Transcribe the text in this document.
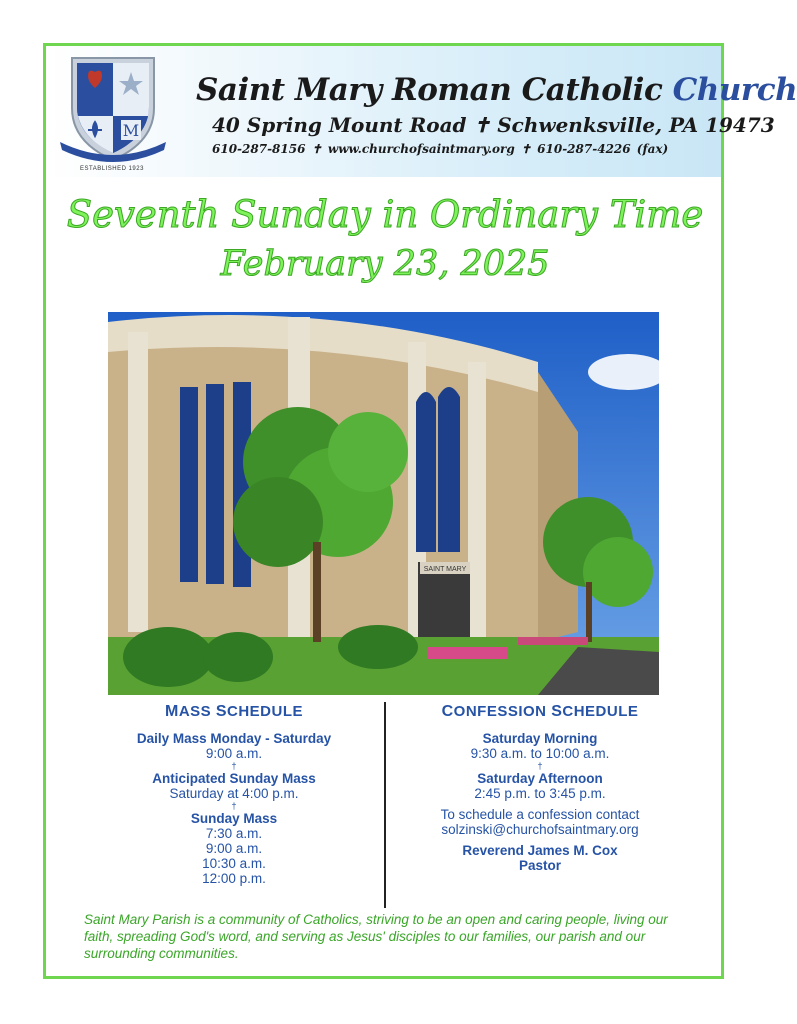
M
ESTABLISHED 1923
Saint Mary Roman Catholic Church
40 Spring Mount Road ✝ Schwenksville, PA 19473
610-287-8156 ✝ www.churchofsaintmary.org ✝ 610-287-4226 (fax)
Seventh Sunday in Ordinary Time
February 23, 2025
SAINT MARY
MASS SCHEDULE
Daily Mass Monday - Saturday
9:00 a.m.
†
Anticipated Sunday Mass
Saturday at 4:00 p.m.
†
Sunday Mass
7:30 a.m.
9:00 a.m.
10:30 a.m.
12:00 p.m.
CONFESSION SCHEDULE
Saturday Morning
9:30 a.m. to 10:00 a.m.
†
Saturday Afternoon
2:45 p.m. to 3:45 p.m.
To schedule a confession contact
solzinski@churchofsaintmary.org
Reverend James M. Cox
Pastor
Saint Mary Parish is a community of Catholics, striving to be an open and caring people, living our faith, spreading God's word, and serving as Jesus' disciples to our families, our parish and our surrounding communities.
